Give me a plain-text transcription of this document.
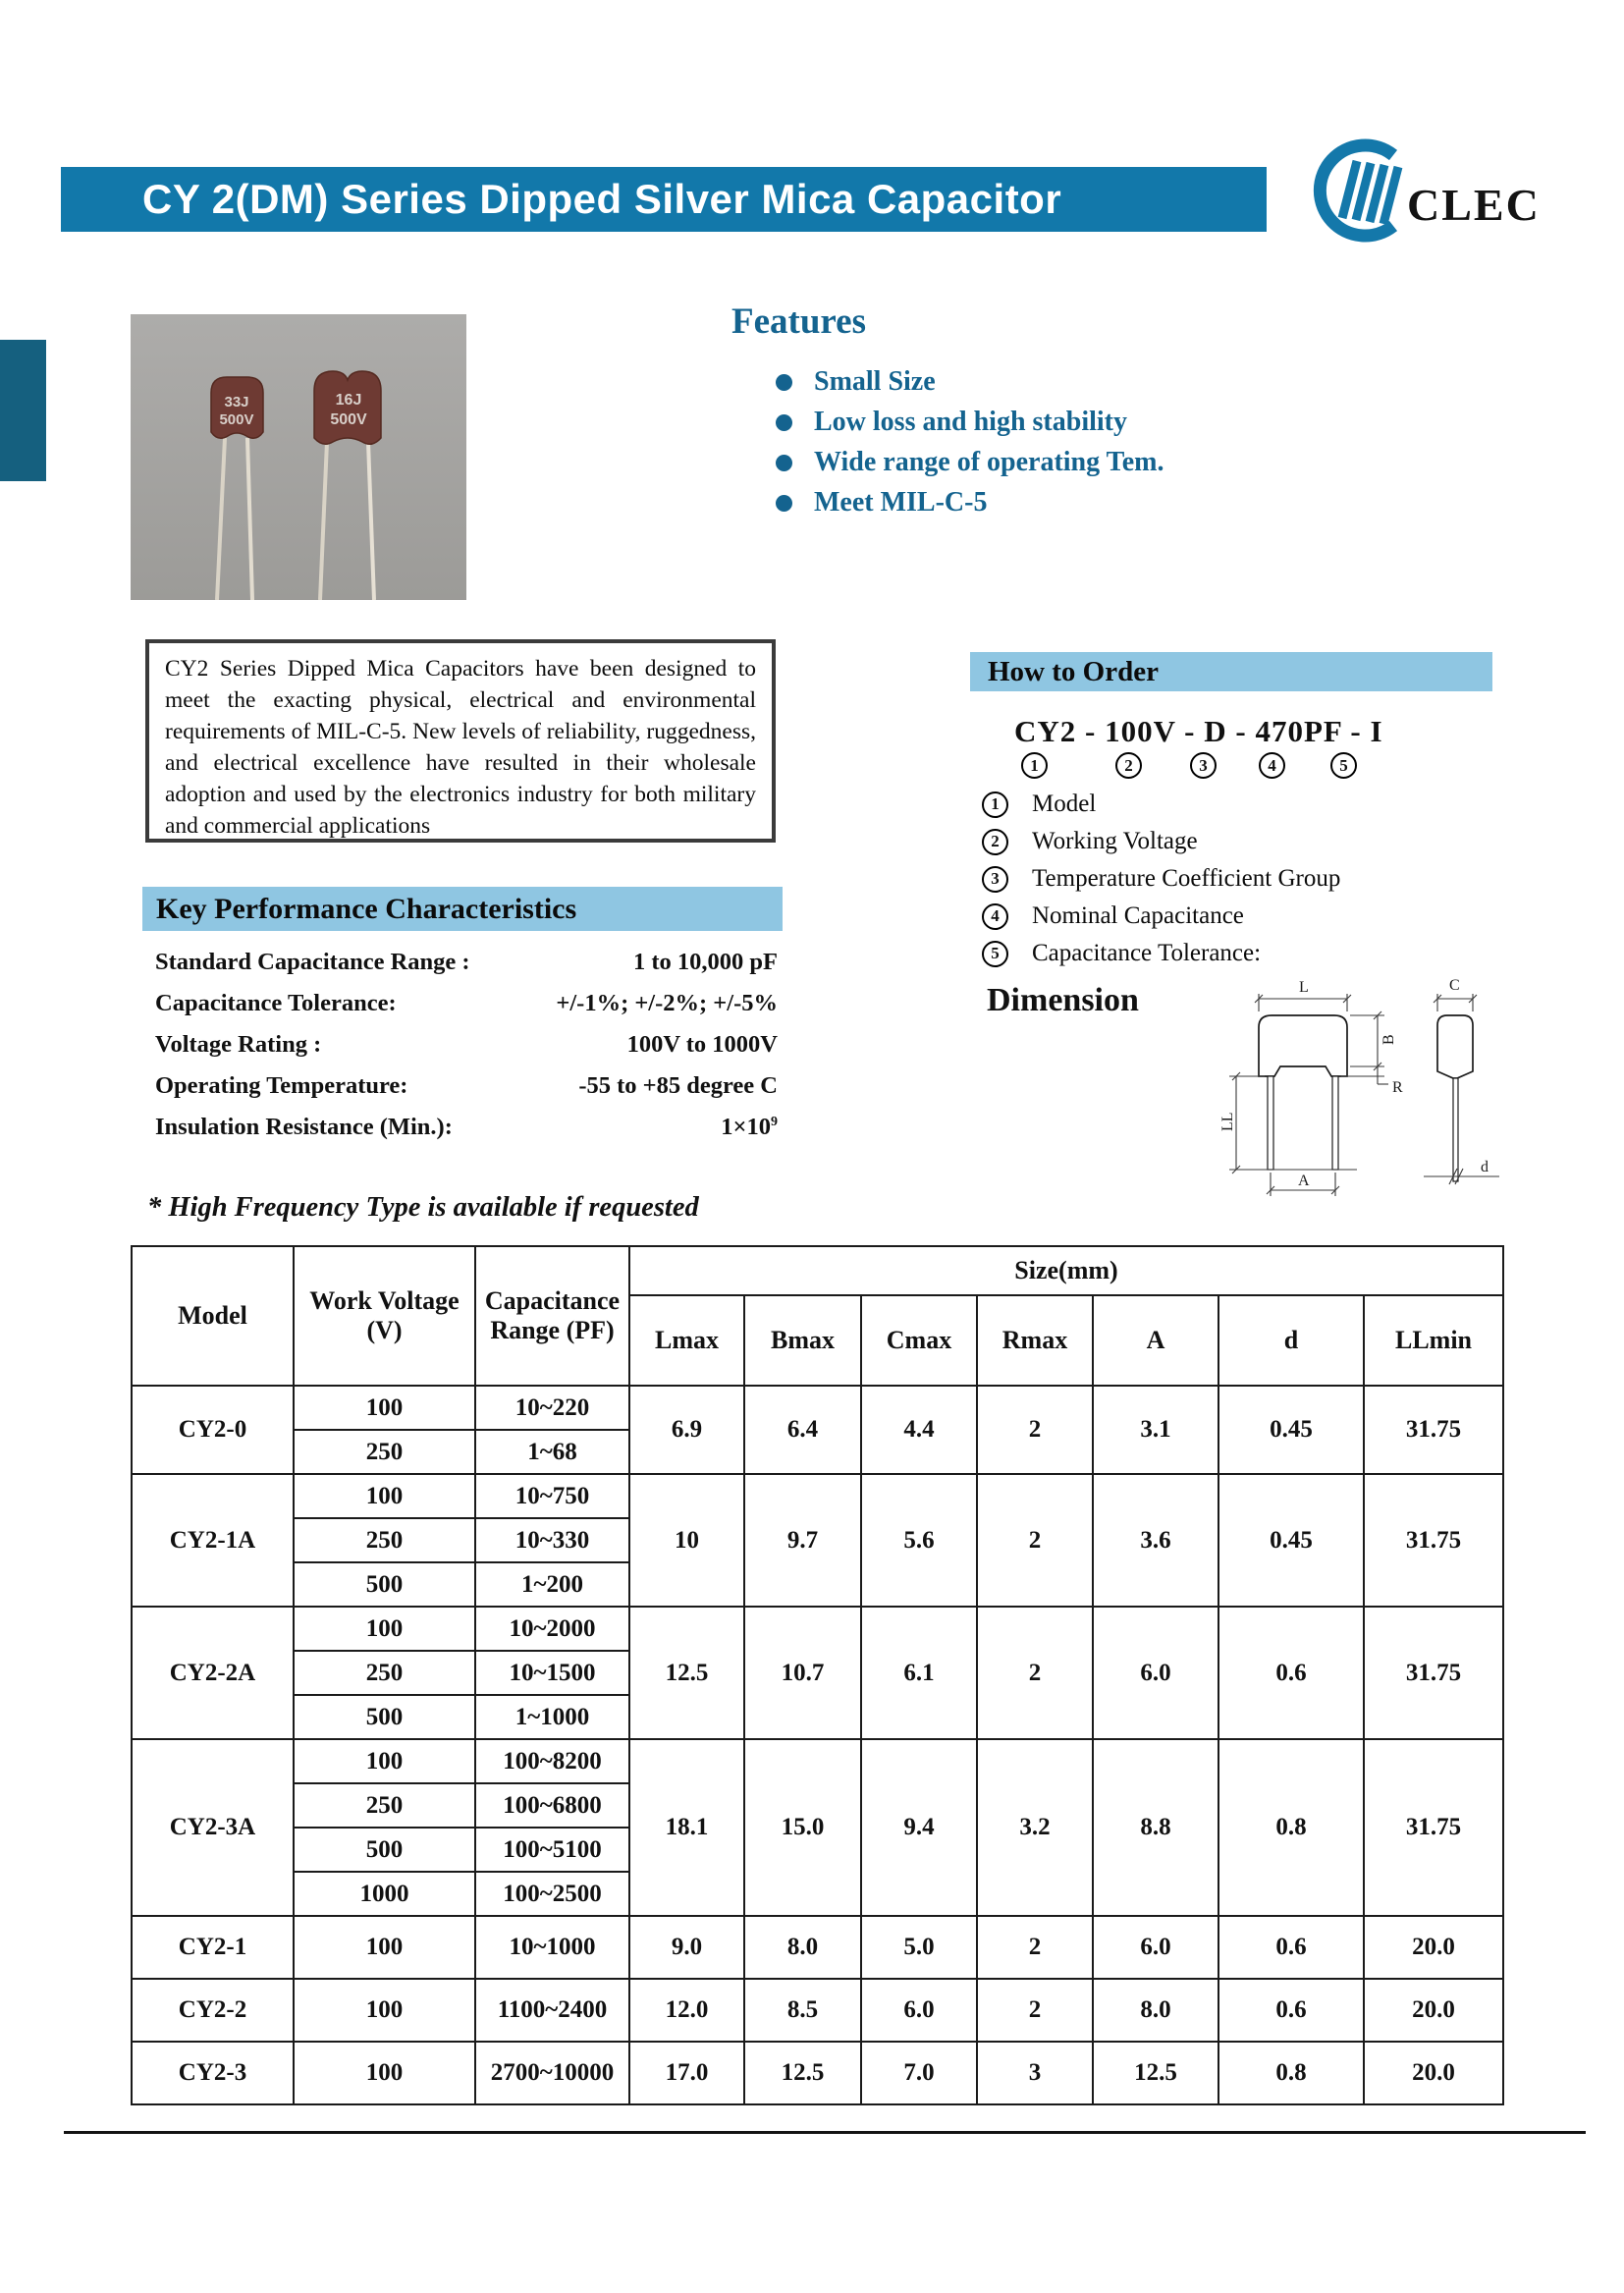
CY 2(DM) Series Dipped Silver Mica Capacitor	CLEC
33J
500V
16J
500V
Features
Small Size
Low loss and high stability
Wide range of operating Tem.
Meet MIL-C-5
CY2 Series Dipped Mica Capacitors have been designed to meet the exacting physical, electrical and environmental requirements of MIL-C-5. New levels of reliability, ruggedness, and electrical excellence have resulted in their wholesale adoption and used by the electronics industry for both military and commercial applications
How to Order
CY2 - 100V - D - 470PF - I
1	2	3	4	5
1	Model
2	Working Voltage
3	Temperature Coefficient Group
4	Nominal Capacitance
5	Capacitance Tolerance:
Key Performance Characteristics
Standard Capacitance Range :	1 to 10,000 pF
Capacitance Tolerance:	+/-1%; +/-2%; +/-5%
Voltage Rating :	100V to 1000V
Operating Temperature:	-55 to +85 degree C
Insulation Resistance (Min.):	$1\times 10^9$
Dimension	L
B
R
LL
A
C
d
* High Frequency Type is available if requested
Model	Work Voltage (V)	Capacitance Range (PF)	Size(mm)						
			Lmax	Bmax	Cmax	Rmax	A	d	LLmin
CY2-0	100	10~220	6.9	6.4	4.4	2	3.1	0.45	31.75
	250	1~68							
CY2-1A	100	10~750	10	9.7	5.6	2	3.6	0.45	31.75
	250	10~330							
	500	1~200							
CY2-2A	100	10~2000	12.5	10.7	6.1	2	6.0	0.6	31.75
	250	10~1500							
	500	1~1000							
CY2-3A	100	100~8200	18.1	15.0	9.4	3.2	8.8	0.8	31.75
	250	100~6800							
	500	100~5100							
	1000	100~2500							
CY2-1	100	10~1000	9.0	8.0	5.0	2	6.0	0.6	20.0
CY2-2	100	1100~2400	12.0	8.5	6.0	2	8.0	0.6	20.0
CY2-3	100	2700~10000	17.0	12.5	7.0	3	12.5	0.8	20.0
